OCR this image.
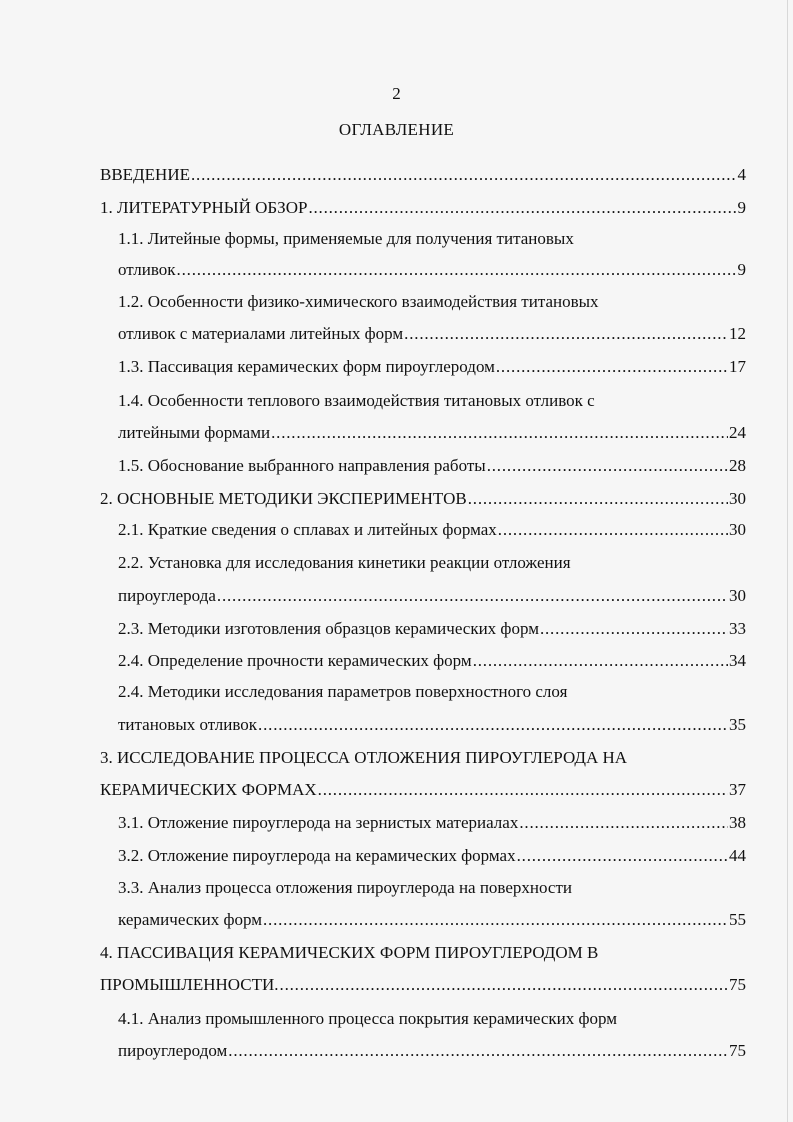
2
ОГЛАВЛЕНИЕ
ВВЕДЕНИЕ .....	4
1. ЛИТЕРАТУРНЫЙ ОБЗОР .....	9
1.1. Литейные формы, применяемые для получения титановых
отливок .....	9
1.2. Особенности физико-химического взаимодействия титановых
отливок с материалами литейных форм .....	12
1.3. Пассивация керамических форм пироуглеродом .....	17
1.4. Особенности теплового взаимодействия титановых отливок с
литейными формами .....	24
1.5. Обоснование выбранного направления работы .....	28
2. ОСНОВНЫЕ МЕТОДИКИ ЭКСПЕРИМЕНТОВ .....	30
2.1. Краткие сведения о сплавах и литейных формах .....	30
2.2. Установка для исследования кинетики реакции отложения
пироуглерода .....	30
2.3. Методики изготовления образцов керамических форм .....	33
2.4. Определение прочности керамических форм .....	34
2.4. Методики исследования параметров поверхностного слоя
титановых отливок .....	35
3. ИССЛЕДОВАНИЕ ПРОЦЕССА ОТЛОЖЕНИЯ ПИРОУГЛЕРОДА НА
КЕРАМИЧЕСКИХ ФОРМАХ .....	37
3.1. Отложение пироуглерода на зернистых материалах .....	38
3.2. Отложение пироуглерода на керамических формах .....	44
3.3. Анализ процесса отложения пироуглерода на поверхности
керамических форм .....	55
4. ПАССИВАЦИЯ КЕРАМИЧЕСКИХ ФОРМ ПИРОУГЛЕРОДОМ В
ПРОМЫШЛЕННОСТИ. .....	75
4.1. Анализ промышленного процесса покрытия керамических форм
пироуглеродом .....	75
